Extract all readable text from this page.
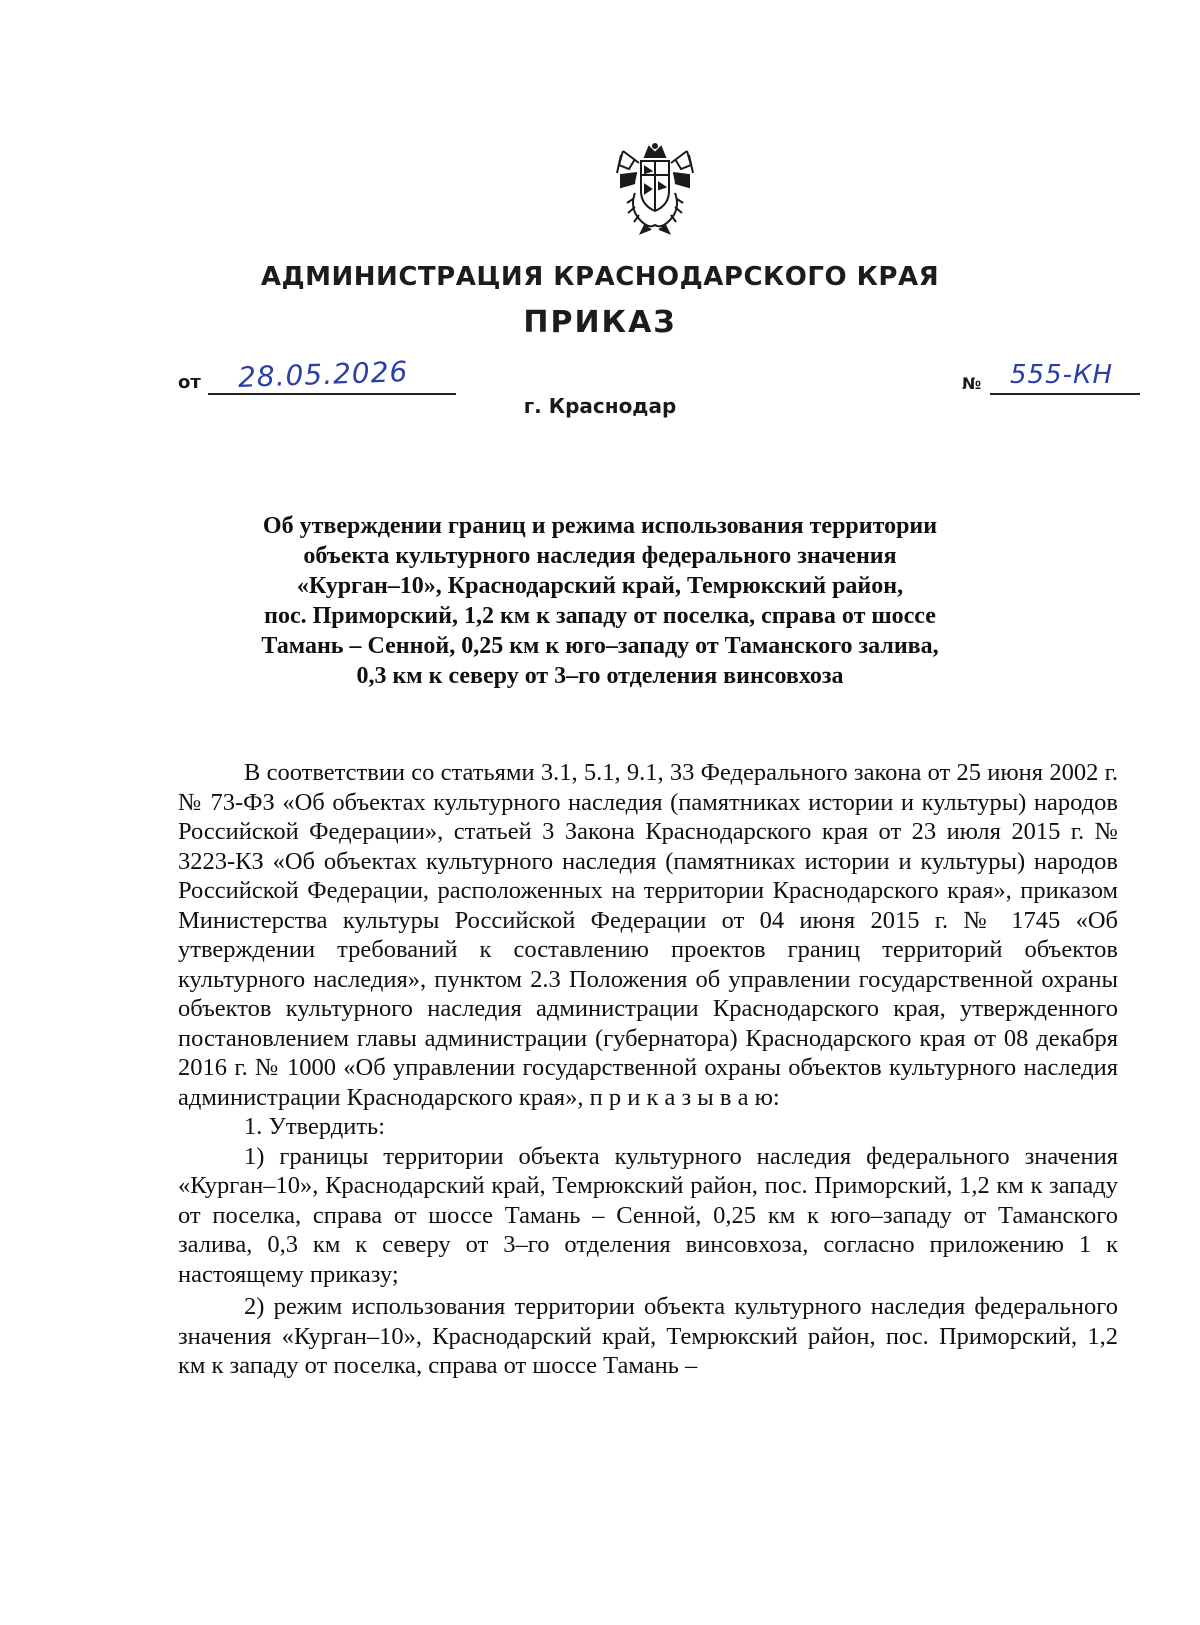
АДМИНИСТРАЦИЯ КРАСНОДАРСКОГО КРАЯ
ПРИКАЗ
от 28.05.2026
г. Краснодар
№ 555-КН
Об утверждении границ и режима использования территории
объекта культурного наследия федерального значения
«Курган–10», Краснодарский край, Темрюкский район,
пос. Приморский, 1,2 км к западу от поселка, справа от шоссе
Тамань – Сенной, 0,25 км к юго–западу от Таманского залива,
0,3 км к северу от 3–го отделения винсовхоза

В соответствии со статьями 3.1, 5.1, 9.1, 33 Федерального закона от 25 июня 2002 г. № 73-ФЗ «Об объектах культурного наследия (памятниках истории и культуры) народов Российской Федерации», статьей 3 Закона Краснодарского края от 23 июля 2015 г. № 3223-КЗ «Об объектах культурного наследия (памятниках истории и культуры) народов Российской Федерации, расположенных на территории Краснодарского края», приказом Министерства культуры Российской Федерации от 04 июня 2015 г. № 1745 «Об утверждении требований к составлению проектов границ территорий объектов культурного наследия», пунктом 2.3 Положения об управлении государственной охраны объектов культурного наследия администрации Краснодарского края, утвержденного постановлением главы администрации (губернатора) Краснодарского края от 08 декабря 2016 г. № 1000 «Об управлении государственной охраны объектов культурного наследия администрации Краснодарского края», п р и к а з ы в а ю:

1. Утвердить:

1) границы территории объекта культурного наследия федерального значения «Курган–10», Краснодарский край, Темрюкский район, пос. Приморский, 1,2 км к западу от поселка, справа от шоссе Тамань – Сенной, 0,25 км к юго–западу от Таманского залива, 0,3 км к северу от 3–го отделения винсовхоза, согласно приложению 1 к настоящему приказу;

2) режим использования территории объекта культурного наследия федерального значения «Курган–10», Краснодарский край, Темрюкский район, пос. Приморский, 1,2 км к западу от поселка, справа от шоссе Тамань –
